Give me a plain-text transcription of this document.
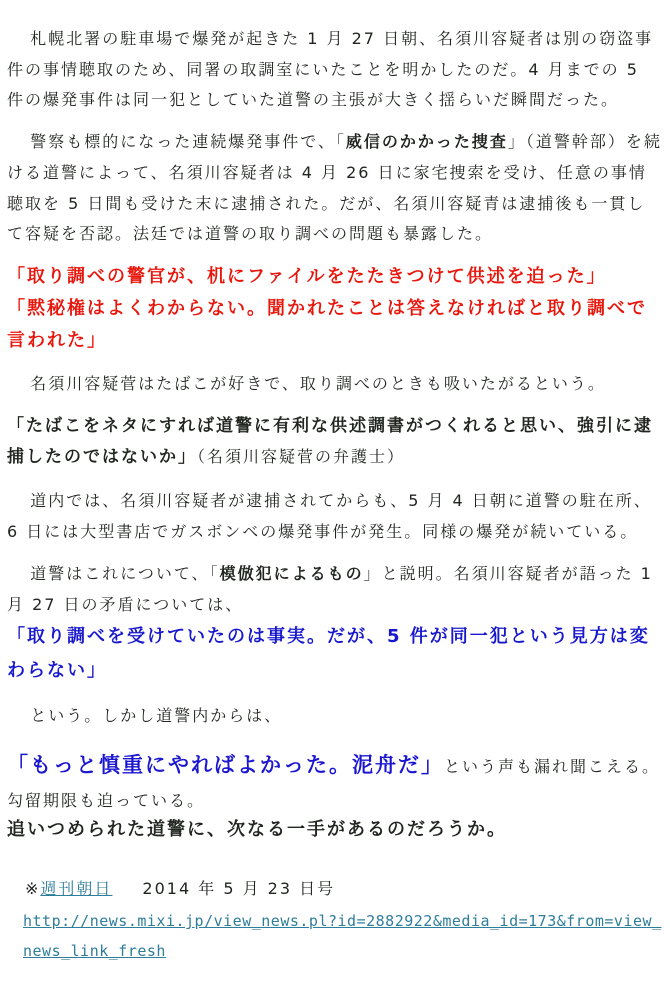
札幌北署の駐車場で爆発が起きた 1 月 27 日朝、名須川容疑者は別の窃盗事件の事情聴取のため、同署の取調室にいたことを明かしたのだ。4 月までの 5 件の爆発事件は同一犯としていた道警の主張が大きく揺らいだ瞬間だった。

警察も標的になった連続爆発事件で、「威信のかかった捜査」（道警幹部）を続ける道警によって、名須川容疑者は 4 月 26 日に家宅捜索を受け、任意の事情聴取を 5 日間も受けた末に逮捕された。だが、名須川容疑青は逮捕後も一貫して容疑を否認。法廷では道警の取り調べの問題も暴露した。

「取り調べの警官が、机にファイルをたたきつけて供述を迫った」

「黙秘権はよくわからない。聞かれたことは答えなければと取り調べで言われた」

名須川容疑菅はたばこが好きで、取り調べのときも吸いたがるという。

「たばこをネタにすれば道警に有利な供述調書がつくれると思い、強引に逮捕したのではないか」（名須川容疑菅の弁護士）

道内では、名須川容疑者が逮捕されてからも、5 月 4 日朝に道警の駐在所、6 日には大型書店でガスボンベの爆発事件が発生。同様の爆発が続いている。

道警はこれについて、「模倣犯によるもの」と説明。名須川容疑者が語った 1 月 27 日の矛盾については、

「取り調べを受けていたのは事実。だが、5 件が同一犯という見方は変わらない」

という。しかし道警内からは、

「もっと慎重にやればよかった。泥舟だ」という声も漏れ聞こえる。

勾留期限も迫っている。

追いつめられた道警に、次なる一手があるのだろうか。

※週刊朝日 2014 年 5 月 23 日号

http://news.mixi.jp/view_news.pl?id=2882922&media_id=173&from=view_news_link_fresh
